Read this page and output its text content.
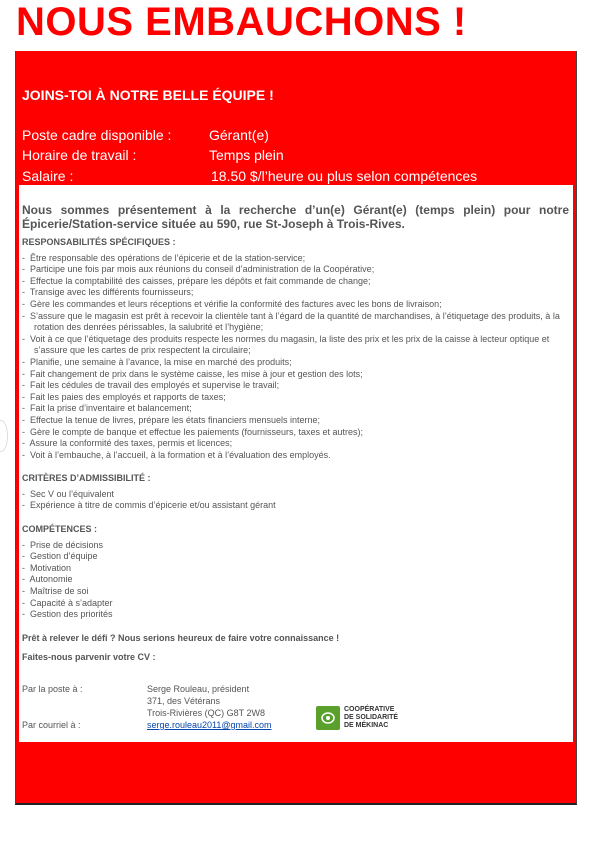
NOUS EMBAUCHONS !
JOINS-TOI À NOTRE BELLE ÉQUIPE !
Poste cadre disponible :	Gérant(e)
Horaire de travail :	Temps plein
Salaire :	18.50 $/l’heure ou plus selon compétences
Nous sommes présentement à la recherche d’un(e) Gérant(e) (temps plein) pour notre Épicerie/Station-service située au 590, rue St-Joseph à Trois-Rives.
RESPONSABILITÉS SPÉCIFIQUES :
- Être responsable des opérations de l’épicerie et de la station-service;
- Participe une fois par mois aux réunions du conseil d’administration de la Coopérative;
- Effectue la comptabilité des caisses, prépare les dépôts et fait commande de change;
- Transige avec les différents fournisseurs;
- Gère les commandes et leurs réceptions et vérifie la conformité des factures avec les bons de livraison;
- S’assure que le magasin est prêt à recevoir la clientèle tant à l’égard de la quantité de marchandises, à l’étiquetage des produits, à la rotation des denrées périssables, la salubrité et l’hygiène;
- Voit à ce que l’étiquetage des produits respecte les normes du magasin, la liste des prix et les prix de la caisse à lecteur optique et s’assure que les cartes de prix respectent la circulaire;
- Planifie, une semaine à l’avance, la mise en marché des produits;
- Fait changement de prix dans le système caisse, les mise à jour et gestion des lots;
- Fait les cédules de travail des employés et supervise le travail;
- Fait les paies des employés et rapports de taxes;
- Fait la prise d’inventaire et balancement;
- Effectue la tenue de livres, prépare les états financiers mensuels interne;
- Gère le compte de banque et effectue les paiements (fournisseurs, taxes et autres);
- Assure la conformité des taxes, permis et licences;
- Voit à l’embauche, à l’accueil, à la formation et à l’évaluation des employés.
CRITÈRES D’ADMISSIBILITÉ :
- Sec V ou l’équivalent
- Expérience à titre de commis d’épicerie et/ou assistant gérant
COMPÉTENCES :
- Prise de décisions
- Gestion d’équipe
- Motivation
- Autonomie
- Maîtrise de soi
- Capacité à s’adapter
- Gestion des priorités
Prêt à relever le défi ? Nous serions heureux de faire votre connaissance !
Faites-nous parvenir votre CV :
Par la poste à :	Serge Rouleau, président
371, des Vétérans
Trois-Rivières (QC) G8T 2W8
Par courriel à :	serge.rouleau2011@gmail.com
COOPÉRATIVE
DE SOLIDARITÉ
DE MÉKINAC
